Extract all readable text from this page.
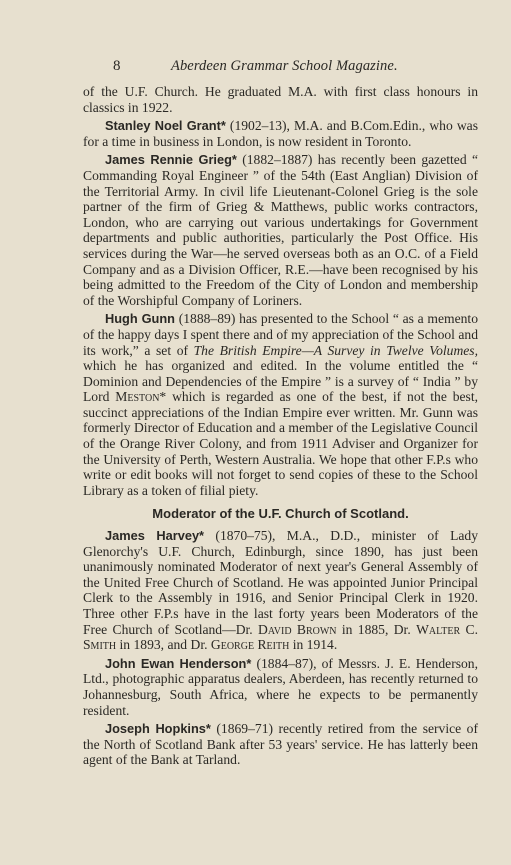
8	Aberdeen Grammar School Magazine.

of the U.F. Church. He graduated M.A. with first class honours in classics in 1922.

Stanley Noel Grant* (1902–13), M.A. and B.Com.Edin., who was for a time in business in London, is now resident in Toronto.

James Rennie Grieg* (1882–1887) has recently been gazetted “ Commanding Royal Engineer ” of the 54th (East Anglian) Division of the Territorial Army. In civil life Lieutenant-Colonel Grieg is the sole partner of the firm of Grieg & Matthews, public works contractors, London, who are carrying out various undertakings for Government departments and public authorities, particularly the Post Office. His services during the War—he served overseas both as an O.C. of a Field Company and as a Division Officer, R.E.—have been recognised by his being admitted to the Freedom of the City of London and membership of the Worshipful Company of Loriners.

Hugh Gunn (1888–89) has presented to the School “ as a memento of the happy days I spent there and of my appreciation of the School and its work,” a set of The British Empire—A Survey in Twelve Volumes, which he has organized and edited. In the volume entitled the “ Dominion and Dependencies of the Empire ” is a survey of “ India ” by Lord Meston* which is regarded as one of the best, if not the best, succinct appreciations of the Indian Empire ever written. Mr. Gunn was formerly Director of Education and a member of the Legislative Council of the Orange River Colony, and from 1911 Adviser and Organizer for the University of Perth, Western Australia. We hope that other F.P.s who write or edit books will not forget to send copies of these to the School Library as a token of filial piety.

Moderator of the U.F. Church of Scotland.

James Harvey* (1870–75), M.A., D.D., minister of Lady Glenorchy's U.F. Church, Edinburgh, since 1890, has just been unanimously nominated Moderator of next year's General Assembly of the United Free Church of Scotland. He was appointed Junior Principal Clerk to the Assembly in 1916, and Senior Principal Clerk in 1920. Three other F.P.s have in the last forty years been Moderators of the Free Church of Scotland—Dr. David Brown in 1885, Dr. Walter C. Smith in 1893, and Dr. George Reith in 1914.

John Ewan Henderson* (1884–87), of Messrs. J. E. Henderson, Ltd., photographic apparatus dealers, Aberdeen, has recently returned to Johannesburg, South Africa, where he expects to be permanently resident.

Joseph Hopkins* (1869–71) recently retired from the service of the North of Scotland Bank after 53 years' service. He has latterly been agent of the Bank at Tarland.
